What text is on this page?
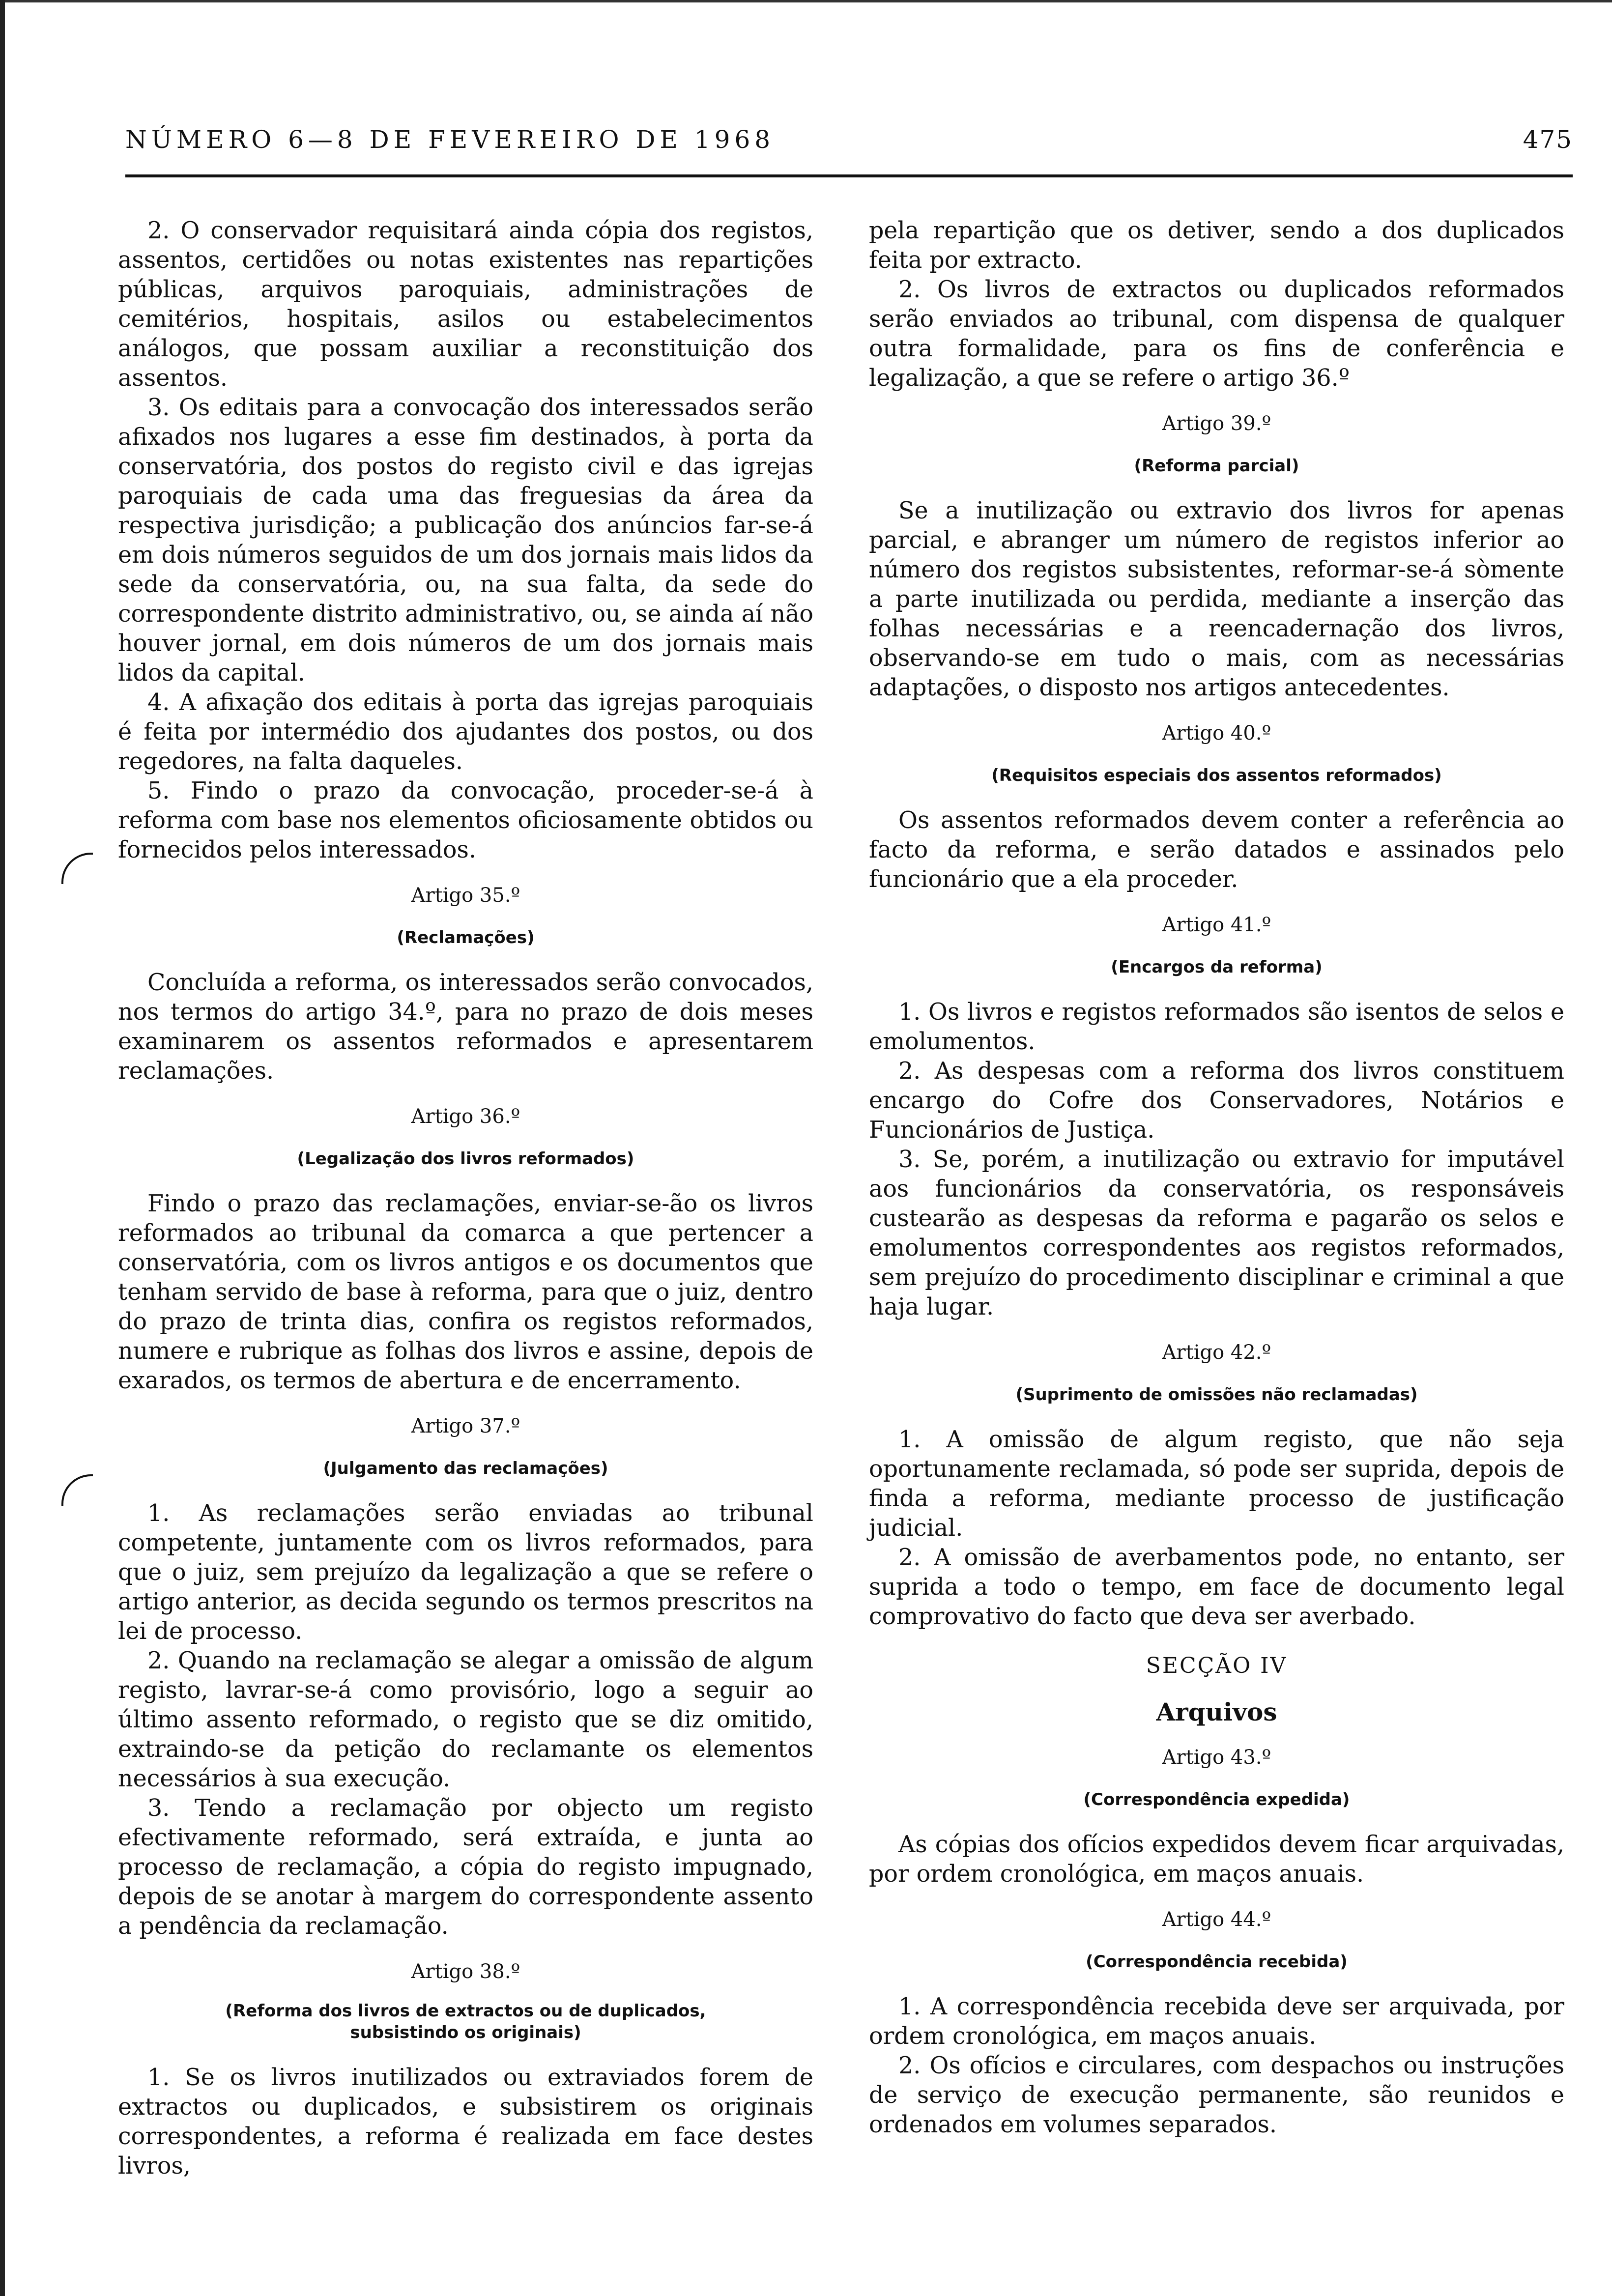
NÚMERO 6—8 DE FEVEREIRO DE 1968	475

2. O conservador requisitará ainda cópia dos registos, assentos, certidões ou notas existentes nas repartições públicas, arquivos paroquiais, administrações de cemitérios, hospitais, asilos ou estabelecimentos análogos, que possam auxiliar a reconstituição dos assentos.

3. Os editais para a convocação dos interessados serão afixados nos lugares a esse fim destinados, à porta da conservatória, dos postos do registo civil e das igrejas paroquiais de cada uma das freguesias da área da respectiva jurisdição; a publicação dos anúncios far-se-á em dois números seguidos de um dos jornais mais lidos da sede da conservatória, ou, na sua falta, da sede do correspondente distrito administrativo, ou, se ainda aí não houver jornal, em dois números de um dos jornais mais lidos da capital.

4. A afixação dos editais à porta das igrejas paroquiais é feita por intermédio dos ajudantes dos postos, ou dos regedores, na falta daqueles.

5. Findo o prazo da convocação, proceder-se-á à reforma com base nos elementos oficiosamente obtidos ou fornecidos pelos interessados.

Artigo 35.º
(Reclamações)

Concluída a reforma, os interessados serão convocados, nos termos do artigo 34.º, para no prazo de dois meses examinarem os assentos reformados e apresentarem reclamações.

Artigo 36.º
(Legalização dos livros reformados)

Findo o prazo das reclamações, enviar-se-ão os livros reformados ao tribunal da comarca a que pertencer a conservatória, com os livros antigos e os documentos que tenham servido de base à reforma, para que o juiz, dentro do prazo de trinta dias, confira os registos reformados, numere e rubrique as folhas dos livros e assine, depois de exarados, os termos de abertura e de encerramento.

Artigo 37.º
(Julgamento das reclamações)

1. As reclamações serão enviadas ao tribunal competente, juntamente com os livros reformados, para que o juiz, sem prejuízo da legalização a que se refere o artigo anterior, as decida segundo os termos prescritos na lei de processo.

2. Quando na reclamação se alegar a omissão de algum registo, lavrar-se-á como provisório, logo a seguir ao último assento reformado, o registo que se diz omitido, extraindo-se da petição do reclamante os elementos necessários à sua execução.

3. Tendo a reclamação por objecto um registo efectivamente reformado, será extraída, e junta ao processo de reclamação, a cópia do registo impugnado, depois de se anotar à margem do correspondente assento a pendência da reclamação.

Artigo 38.º
(Reforma dos livros de extractos ou de duplicados,
subsistindo os originais)

1. Se os livros inutilizados ou extraviados forem de extractos ou duplicados, e subsistirem os originais correspondentes, a reforma é realizada em face destes livros,

pela repartição que os detiver, sendo a dos duplicados feita por extracto.

2. Os livros de extractos ou duplicados reformados serão enviados ao tribunal, com dispensa de qualquer outra formalidade, para os fins de conferência e legalização, a que se refere o artigo 36.º

Artigo 39.º
(Reforma parcial)

Se a inutilização ou extravio dos livros for apenas parcial, e abranger um número de registos inferior ao número dos registos subsistentes, reformar-se-á sòmente a parte inutilizada ou perdida, mediante a inserção das folhas necessárias e a reencadernação dos livros, observando-se em tudo o mais, com as necessárias adaptações, o disposto nos artigos antecedentes.

Artigo 40.º
(Requisitos especiais dos assentos reformados)

Os assentos reformados devem conter a referência ao facto da reforma, e serão datados e assinados pelo funcionário que a ela proceder.

Artigo 41.º
(Encargos da reforma)

1. Os livros e registos reformados são isentos de selos e emolumentos.

2. As despesas com a reforma dos livros constituem encargo do Cofre dos Conservadores, Notários e Funcionários de Justiça.

3. Se, porém, a inutilização ou extravio for imputável aos funcionários da conservatória, os responsáveis custearão as despesas da reforma e pagarão os selos e emolumentos correspondentes aos registos reformados, sem prejuízo do procedimento disciplinar e criminal a que haja lugar.

Artigo 42.º
(Suprimento de omissões não reclamadas)

1. A omissão de algum registo, que não seja oportunamente reclamada, só pode ser suprida, depois de finda a reforma, mediante processo de justificação judicial.

2. A omissão de averbamentos pode, no entanto, ser suprida a todo o tempo, em face de documento legal comprovativo do facto que deva ser averbado.

SECÇÃO IV
Arquivos
Artigo 43.º
(Correspondência expedida)

As cópias dos ofícios expedidos devem ficar arquivadas, por ordem cronológica, em maços anuais.

Artigo 44.º
(Correspondência recebida)

1. A correspondência recebida deve ser arquivada, por ordem cronológica, em maços anuais.

2. Os ofícios e circulares, com despachos ou instruções de serviço de execução permanente, são reunidos e ordenados em volumes separados.
